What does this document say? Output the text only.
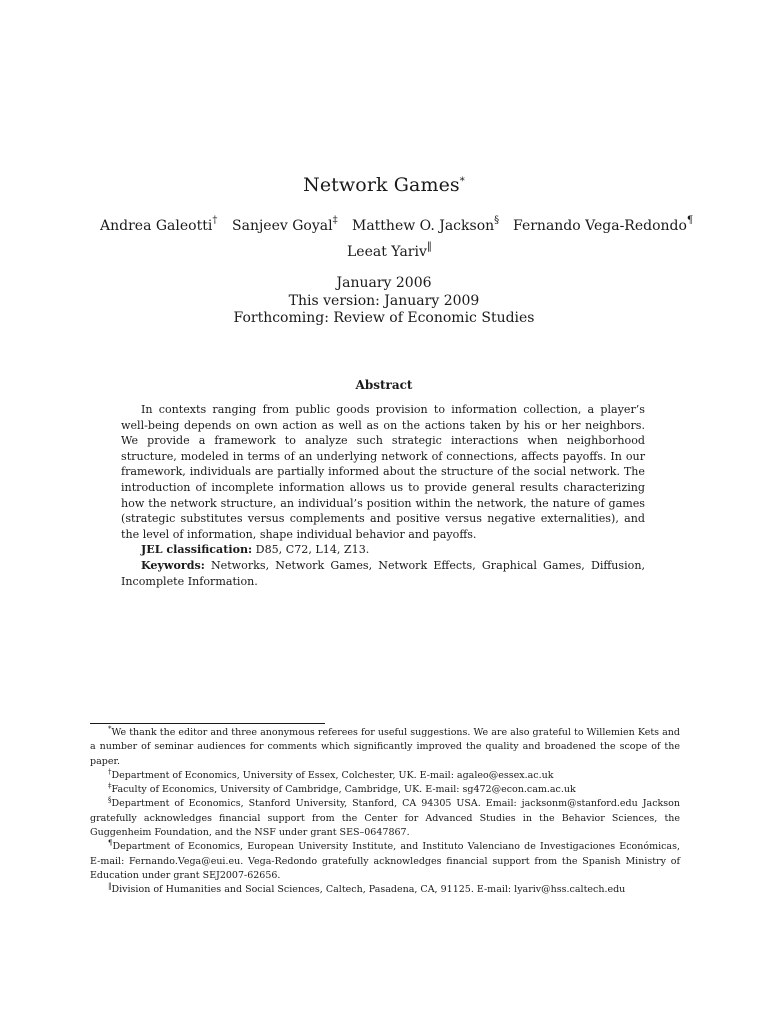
Network Games*
Andrea Galeotti† Sanjeev Goyal‡ Matthew O. Jackson§ Fernando Vega-Redondo¶
Leeat Yariv‖
January 2006
This version: January 2009
Forthcoming: Review of Economic Studies
Abstract

In contexts ranging from public goods provision to information collection, a player’s well-being depends on own action as well as on the actions taken by his or her neighbors. We provide a framework to analyze such strategic interactions when neighborhood structure, modeled in terms of an underlying network of connections, affects payoffs. In our framework, individuals are partially informed about the structure of the social network. The introduction of incomplete information allows us to provide general results characterizing how the network structure, an individual’s position within the network, the nature of games (strategic substitutes versus complements and positive versus negative externalities), and the level of information, shape individual behavior and payoffs.

JEL classification: D85, C72, L14, Z13.

Keywords: Networks, Network Games, Network Effects, Graphical Games, Diffusion, Incomplete Information.

*We thank the editor and three anonymous referees for useful suggestions. We are also grateful to Willemien Kets and a number of seminar audiences for comments which significantly improved the quality and broadened the scope of the paper.

†Department of Economics, University of Essex, Colchester, UK. E-mail: agaleo@essex.ac.uk

‡Faculty of Economics, University of Cambridge, Cambridge, UK. E-mail: sg472@econ.cam.ac.uk

§Department of Economics, Stanford University, Stanford, CA 94305 USA. Email: jacksonm@stanford.edu Jackson gratefully acknowledges financial support from the Center for Advanced Studies in the Behavior Sciences, the Guggenheim Foundation, and the NSF under grant SES–0647867.

¶Department of Economics, European University Institute, and Instituto Valenciano de Investigaciones Económicas, E-mail: Fernando.Vega@eui.eu. Vega-Redondo gratefully acknowledges financial support from the Spanish Ministry of Education under grant SEJ2007-62656.

‖Division of Humanities and Social Sciences, Caltech, Pasadena, CA, 91125. E-mail: lyariv@hss.caltech.edu
